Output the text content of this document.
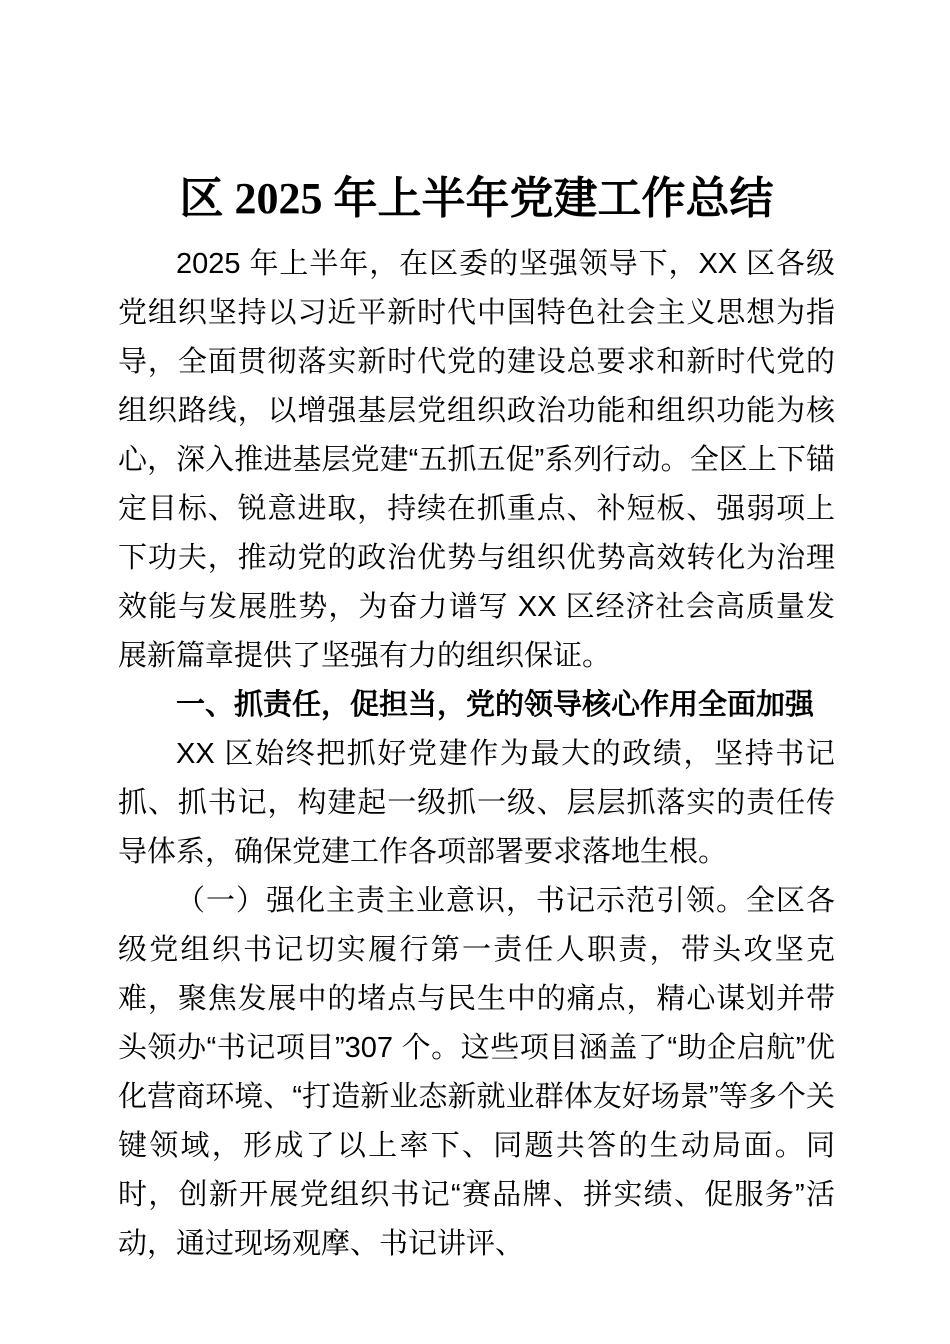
区 2025 年上半年党建工作总结

2025 年上半年，在区委的坚强领导下，XX 区各级党组织坚持以习近平新时代中国特色社会主义思想为指导，全面贯彻落实新时代党的建设总要求和新时代党的组织路线，以增强基层党组织政治功能和组织功能为核心，深入推进基层党建“五抓五促”系列行动。全区上下锚定目标、锐意进取，持续在抓重点、补短板、强弱项上下功夫，推动党的政治优势与组织优势高效转化为治理效能与发展胜势，为奋力谱写 XX 区经济社会高质量发展新篇章提供了坚强有力的组织保证。

一、抓责任，促担当，党的领导核心作用全面加强

XX 区始终把抓好党建作为最大的政绩，坚持书记抓、抓书记，构建起一级抓一级、层层抓落实的责任传导体系，确保党建工作各项部署要求落地生根。

（一）强化主责主业意识，书记示范引领。全区各级党组织书记切实履行第一责任人职责，带头攻坚克难，聚焦发展中的堵点与民生中的痛点，精心谋划并带头领办“书记项目”307 个。这些项目涵盖了“助企启航”优化营商环境、“打造新业态新就业群体友好场景”等多个关键领域，形成了以上率下、同题共答的生动局面。同时，创新开展党组织书记“赛品牌、拼实绩、促服务”活动，通过现场观摩、书记讲评、
